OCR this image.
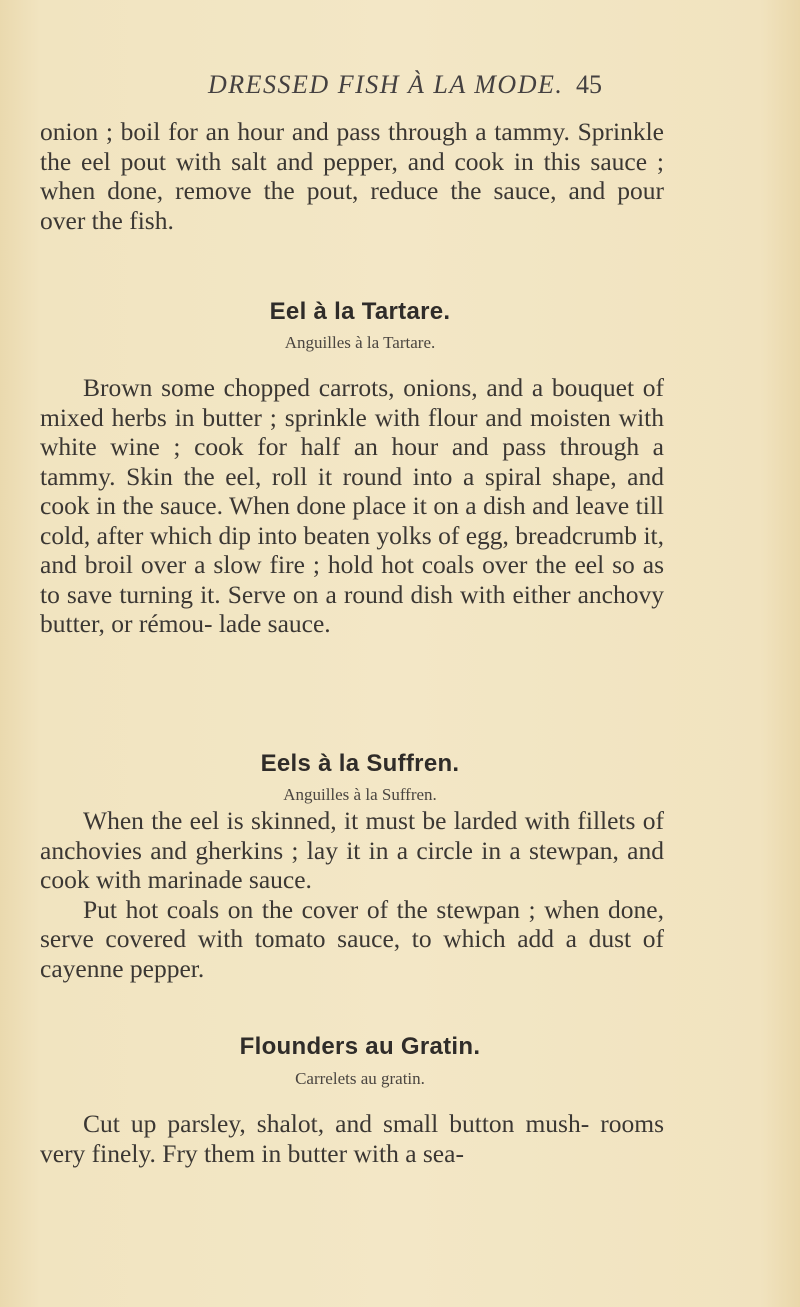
DRESSED FISH À LA MODE. 45

onion ; boil for an hour and pass through a tammy. Sprinkle the eel pout with salt and pepper, and cook in this sauce ; when done, remove the pout, reduce the sauce, and pour over the fish.

Eel à la Tartare.
Anguilles à la Tartare.

Brown some chopped carrots, onions, and a bouquet of mixed herbs in butter ; sprinkle with flour and moisten with white wine ; cook for half an hour and pass through a tammy. Skin the eel, roll it round into a spiral shape, and cook in the sauce. When done place it on a dish and leave till cold, after which dip into beaten yolks of egg, breadcrumb it, and broil over a slow fire ; hold hot coals over the eel so as to save turning it. Serve on a round dish with either anchovy butter, or rémou- lade sauce.

Eels à la Suffren.
Anguilles à la Suffren.

When the eel is skinned, it must be larded with fillets of anchovies and gherkins ; lay it in a circle in a stewpan, and cook with marinade sauce.

Put hot coals on the cover of the stewpan ; when done, serve covered with tomato sauce, to which add a dust of cayenne pepper.

Flounders au Gratin.
Carrelets au gratin.

Cut up parsley, shalot, and small button mush- rooms very finely. Fry them in butter with a sea-
